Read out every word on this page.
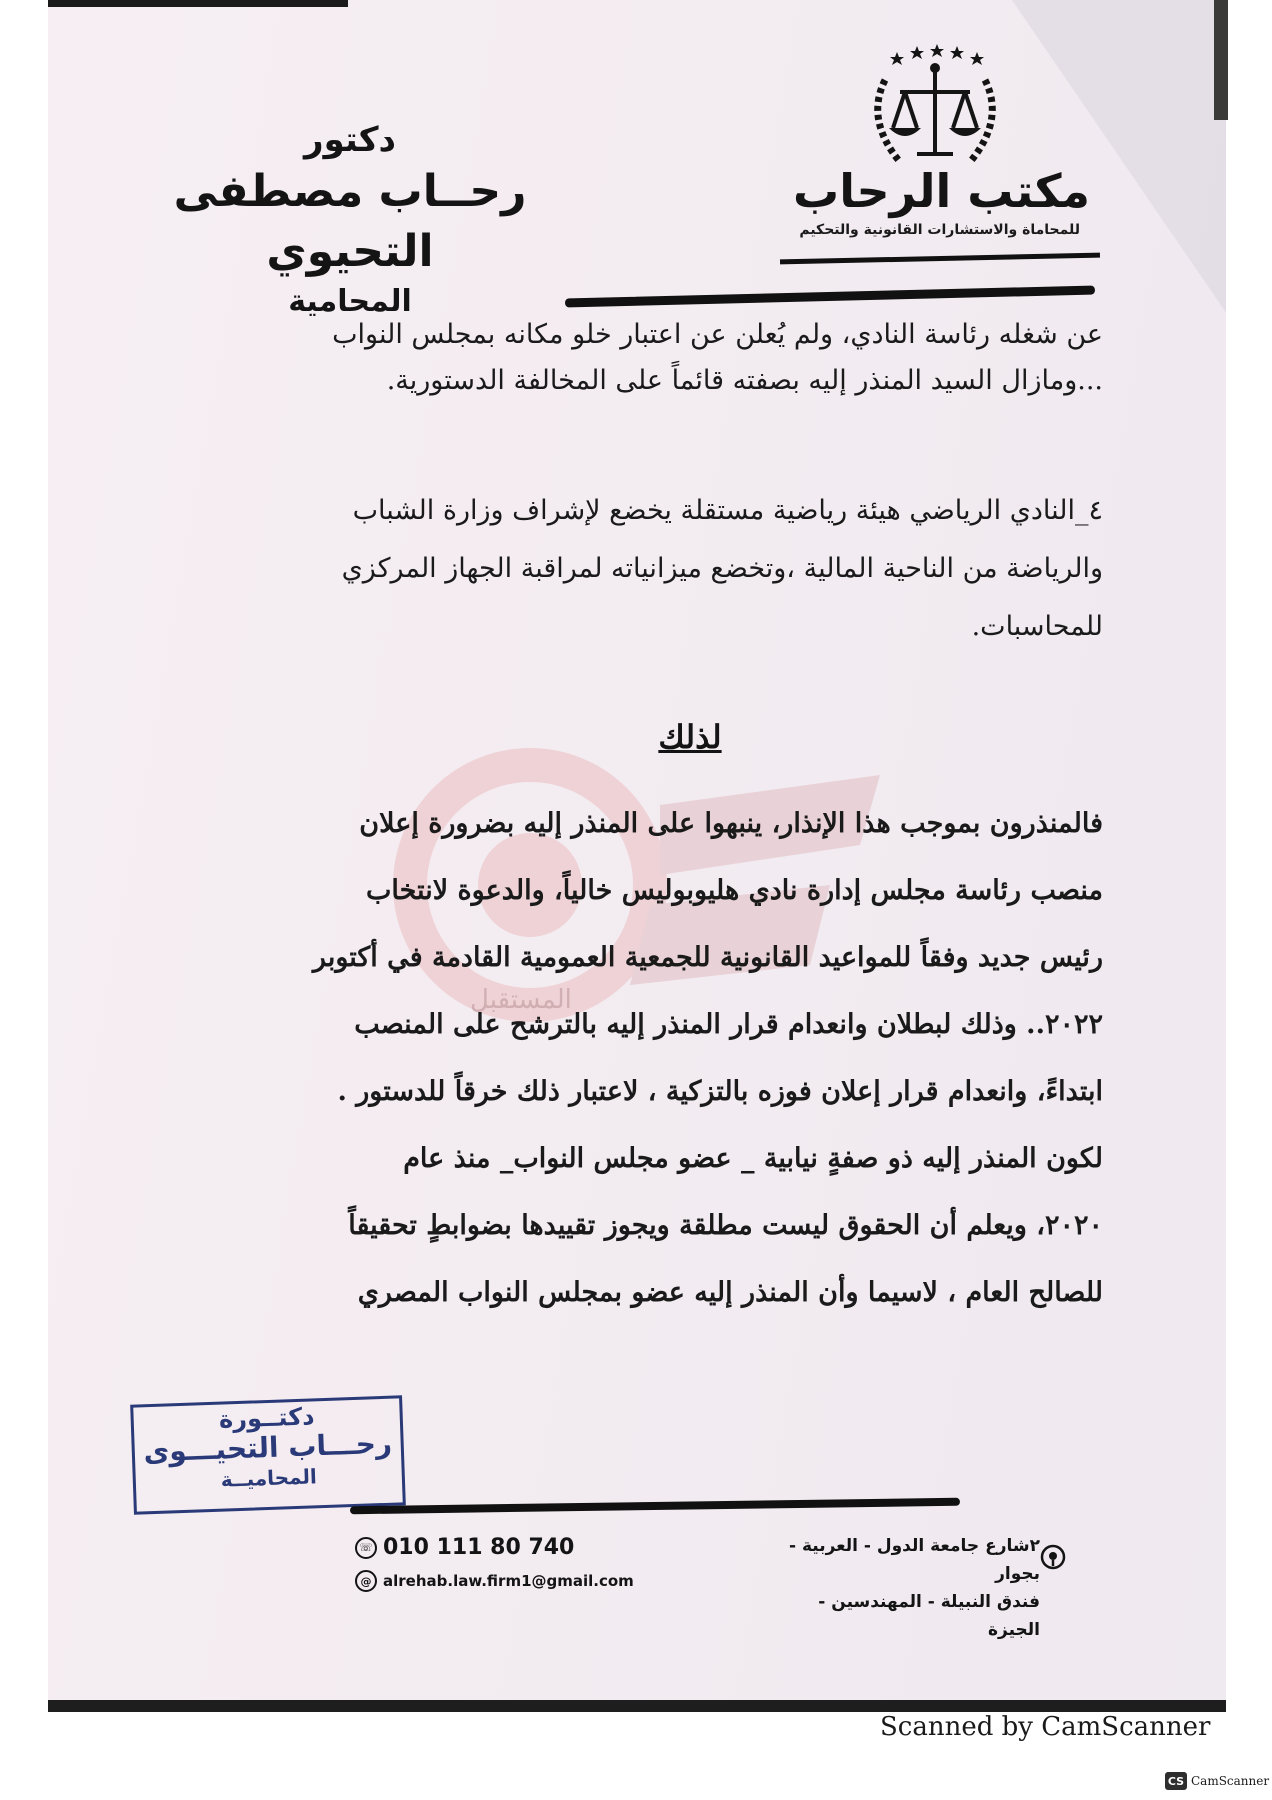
مكتب الرحاب
للمحاماة والاستشارات القانونية والتحكيم
دكتور
رحــاب مصطفى التحيوي
المحامية
المستقبل

عن شغله رئاسة النادي، ولم يُعلن عن اعتبار خلو مكانه بمجلس النواب

...ومازال السيد المنذر إليه بصفته قائماً على المخالفة الدستورية.

٤_النادي الرياضي هيئة رياضية مستقلة يخضع لإشراف وزارة الشباب

والرياضة من الناحية المالية ،وتخضع ميزانياته لمراقبة الجهاز المركزي

للمحاسبات.

لذلك

فالمنذرون بموجب هذا الإنذار، ينبهوا على المنذر إليه بضرورة إعلان

منصب رئاسة مجلس إدارة نادي هليوبوليس خالياً، والدعوة لانتخاب

رئيس جديد وفقاً للمواعيد القانونية للجمعية العمومية القادمة في أكتوبر

٢٠٢٢.. وذلك لبطلان وانعدام قرار المنذر إليه بالترشح على المنصب

ابتداءً، وانعدام قرار إعلان فوزه بالتزكية ، لاعتبار ذلك خرقاً للدستور .

لكون المنذر إليه ذو صفةٍ نيابية _ عضو مجلس النواب_ منذ عام

٢٠٢٠، ويعلم أن الحقوق ليست مطلقة ويجوز تقييدها بضوابطٍ تحقيقاً

للصالح العام ، لاسيما وأن المنذر إليه عضو بمجلس النواب المصري

دكتــورة
رحـــاب التحيـــوى
المحاميــة
☏ 010 111 80 740
@ alrehab.law.firm1@gmail.com
٢شارع جامعة الدول - العربية - بجوار
فندق النبيلة - المهندسين - الجيزة
Scanned by CamScanner
CS CamScanner
